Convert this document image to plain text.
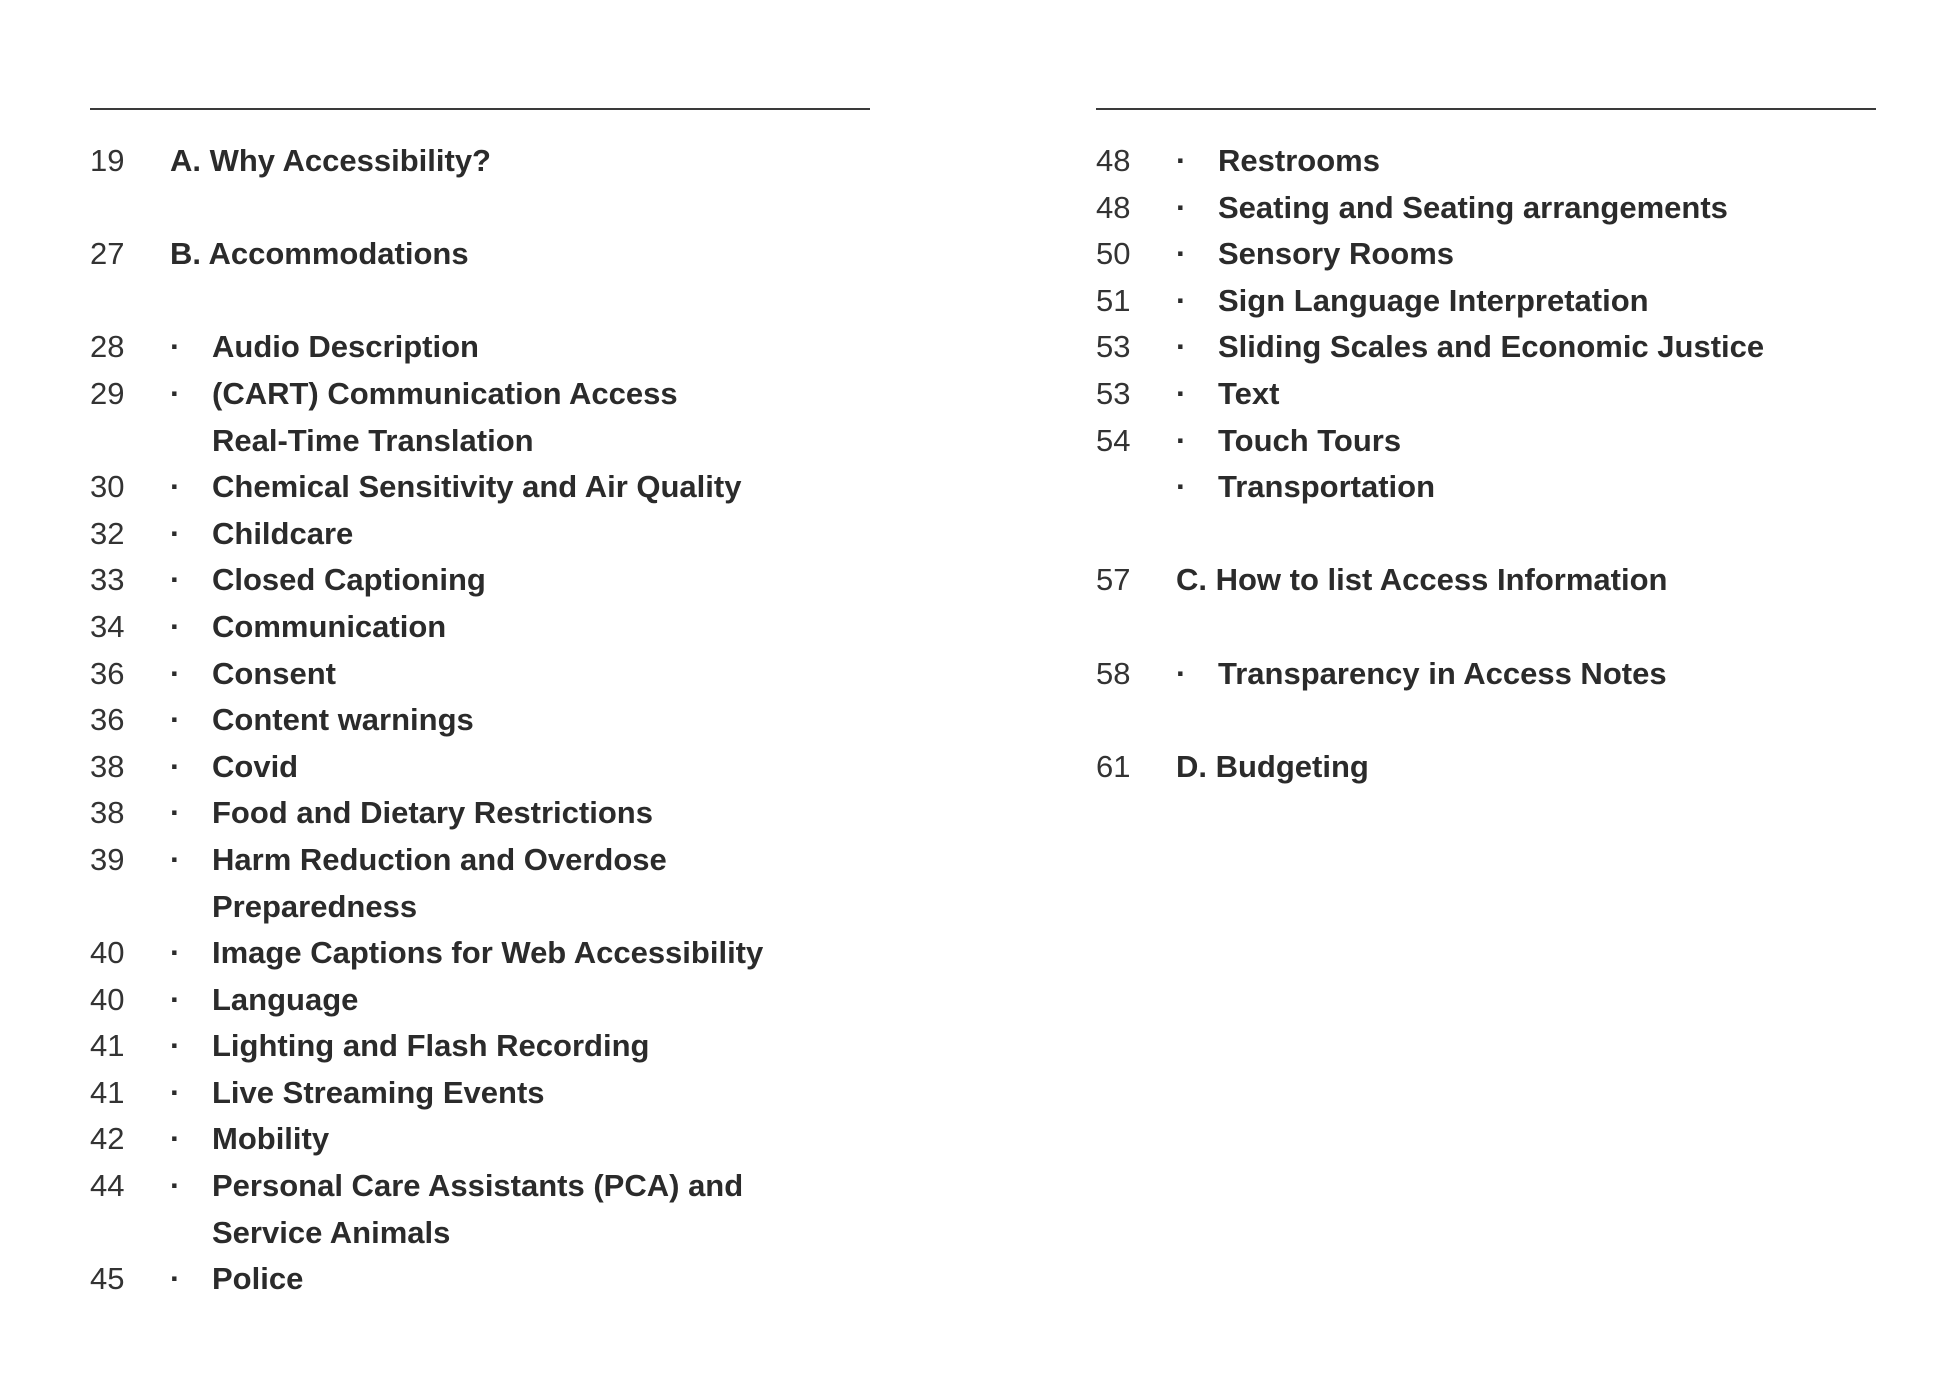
19	A. Why Accessibility?
27	B. Accommodations
28	·	Audio Description
29	·	(CART) Communication Access
Real-Time Translation
30	·	Chemical Sensitivity and Air Quality
32	·	Childcare
33	·	Closed Captioning
34	·	Communication
36	·	Consent
36	·	Content warnings
38	·	Covid
38	·	Food and Dietary Restrictions
39	·	Harm Reduction and Overdose
Preparedness
40	·	Image Captions for Web Accessibility
40	·	Language
41	·	Lighting and Flash Recording
41	·	Live Streaming Events
42	·	Mobility
44	·	Personal Care Assistants (PCA) and
Service Animals
45	·	Police
48	·	Restrooms
48	·	Seating and Seating arrangements
50	·	Sensory Rooms
51	·	Sign Language Interpretation
53	·	Sliding Scales and Economic Justice
53	·	Text
54	·	Touch Tours
·	Transportation
57	C. How to list Access Information
58	·	Transparency in Access Notes
61	D. Budgeting
